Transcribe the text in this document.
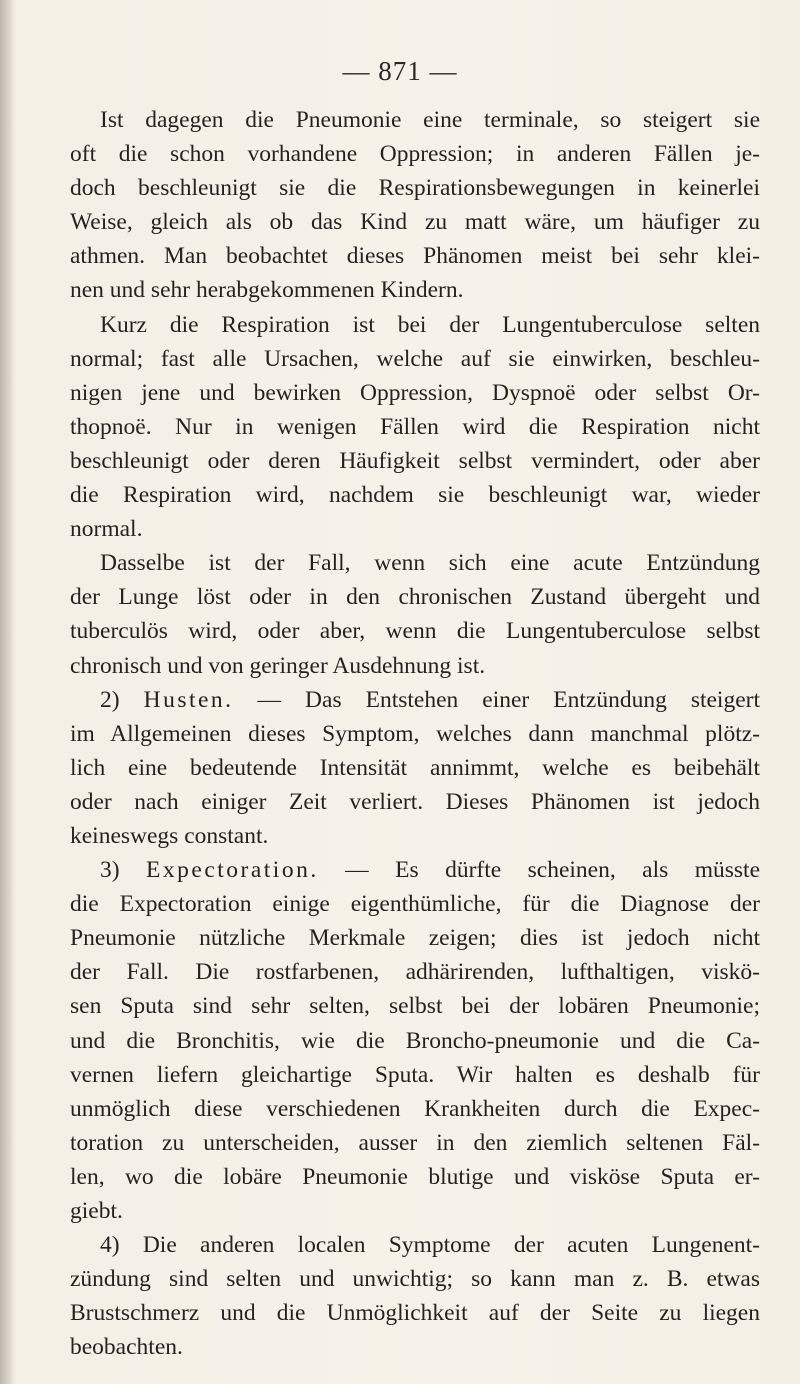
— 871 —
Ist dagegen die Pneumonie eine terminale, so steigert sie
oft die schon vorhandene Oppression; in anderen Fällen je-
doch beschleunigt sie die Respirationsbewegungen in keinerlei
Weise, gleich als ob das Kind zu matt wäre, um häufiger zu
athmen. Man beobachtet dieses Phänomen meist bei sehr klei-
nen und sehr herabgekommenen Kindern.
Kurz die Respiration ist bei der Lungentuberculose selten
normal; fast alle Ursachen, welche auf sie einwirken, beschleu-
nigen jene und bewirken Oppression, Dyspnoë oder selbst Or-
thopnoë. Nur in wenigen Fällen wird die Respiration nicht
beschleunigt oder deren Häufigkeit selbst vermindert, oder aber
die Respiration wird, nachdem sie beschleunigt war, wieder
normal.
Dasselbe ist der Fall, wenn sich eine acute Entzündung
der Lunge löst oder in den chronischen Zustand übergeht und
tuberculös wird, oder aber, wenn die Lungentuberculose selbst
chronisch und von geringer Ausdehnung ist.
2) Husten. — Das Entstehen einer Entzündung steigert
im Allgemeinen dieses Symptom, welches dann manchmal plötz-
lich eine bedeutende Intensität annimmt, welche es beibehält
oder nach einiger Zeit verliert. Dieses Phänomen ist jedoch
keineswegs constant.
3) Expectoration. — Es dürfte scheinen, als müsste
die Expectoration einige eigenthümliche, für die Diagnose der
Pneumonie nützliche Merkmale zeigen; dies ist jedoch nicht
der Fall. Die rostfarbenen, adhärirenden, lufthaltigen, viskö-
sen Sputa sind sehr selten, selbst bei der lobären Pneumonie;
und die Bronchitis, wie die Broncho-pneumonie und die Ca-
vernen liefern gleichartige Sputa. Wir halten es deshalb für
unmöglich diese verschiedenen Krankheiten durch die Expec-
toration zu unterscheiden, ausser in den ziemlich seltenen Fäl-
len, wo die lobäre Pneumonie blutige und visköse Sputa er-
giebt.
4) Die anderen localen Symptome der acuten Lungenent-
zündung sind selten und unwichtig; so kann man z. B. etwas
Brustschmerz und die Unmöglichkeit auf der Seite zu liegen
beobachten.
